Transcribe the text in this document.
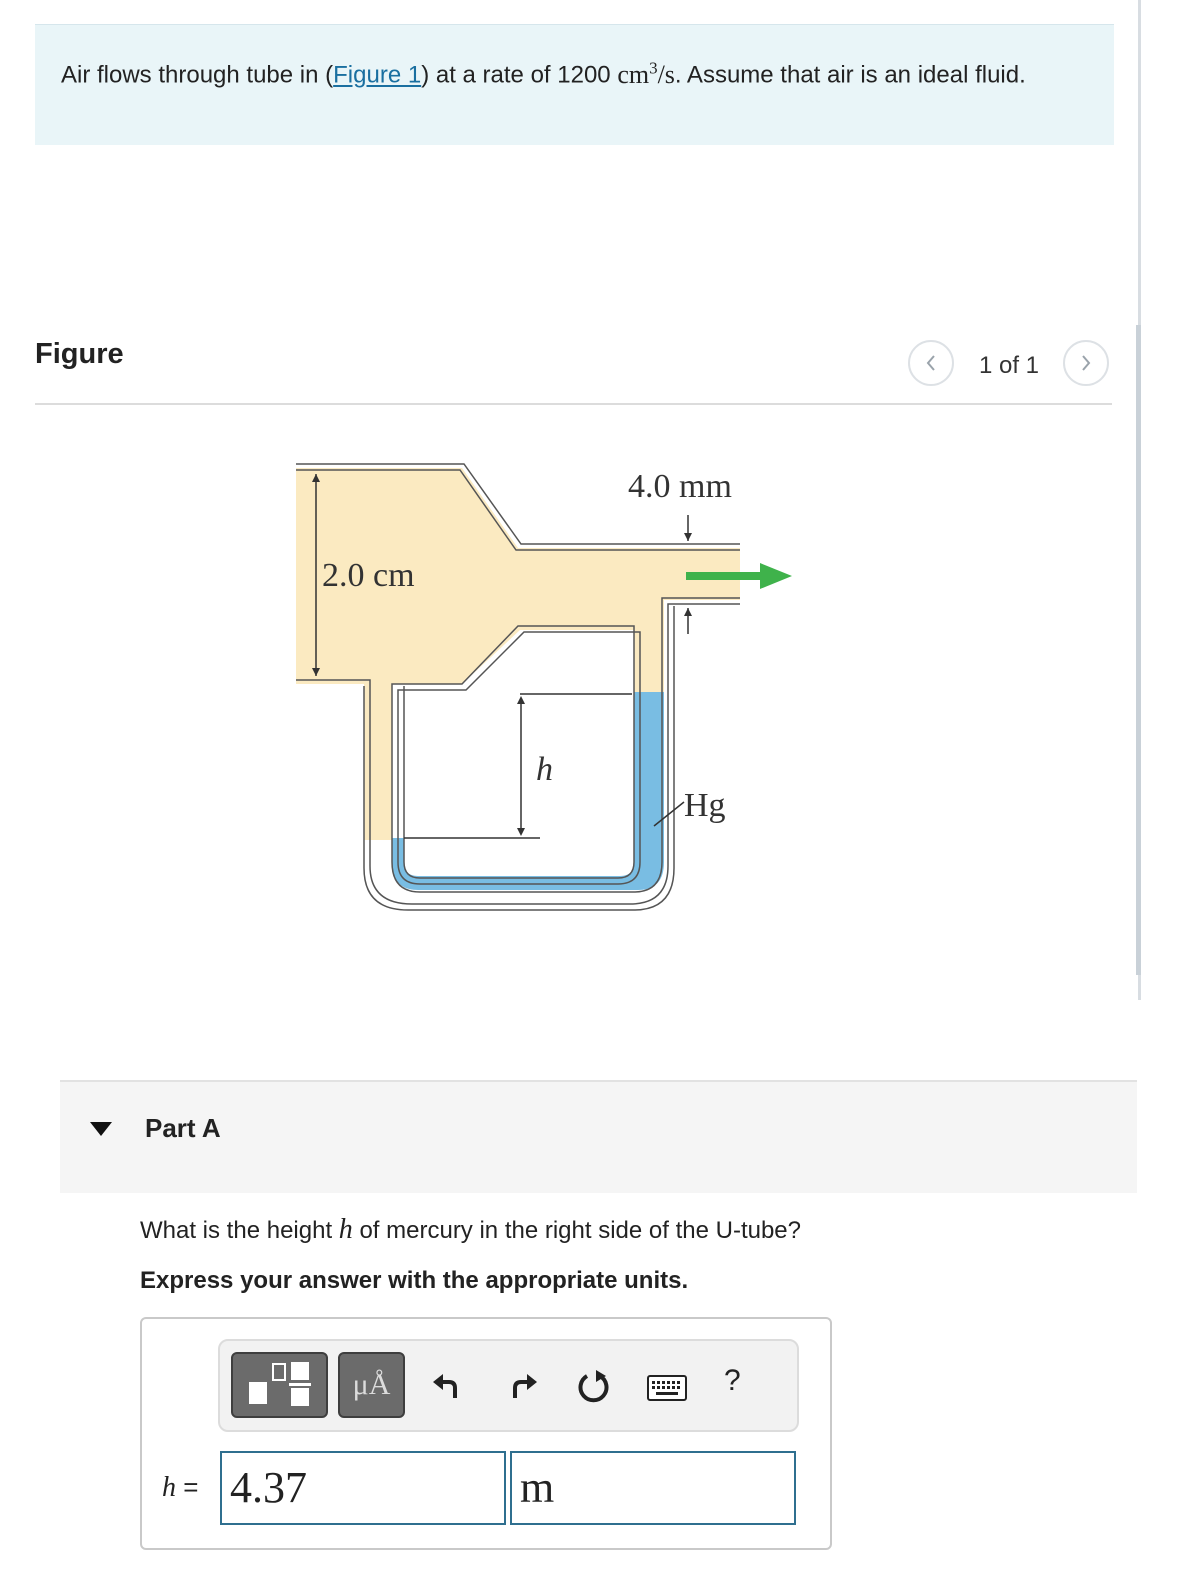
Air flows through tube in (Figure 1) at a rate of 1200 $cm^3/s$. Assume that air is an ideal fluid.
Figure	1 of 1
2.0 cm
4.0 mm
h
Hg
Part A
What is the height h of mercury in the right side of the U-tube?
Express your answer with the appropriate units.
μÅ	?
h = 4.37	m
